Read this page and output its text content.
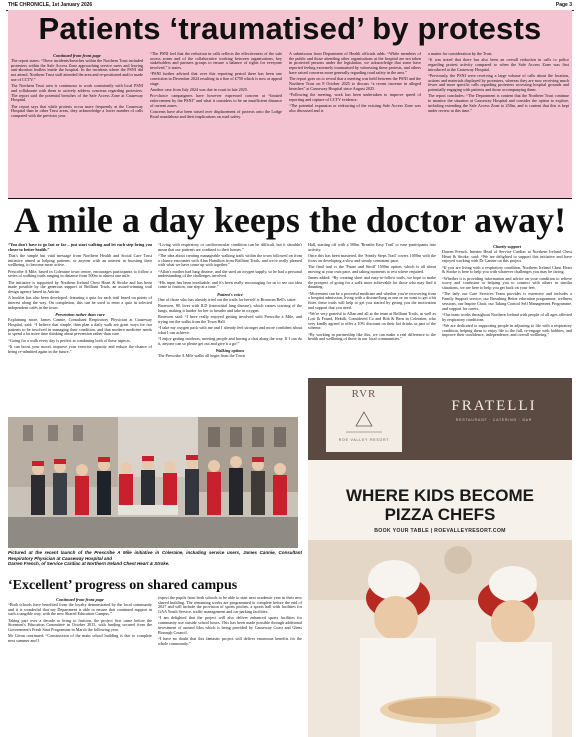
THE CHRONICLE, 1st January 2026	Page 3
Patients ‘traumatised’ by protests
Continued from front page

The report states: “These incidents/breaches within the Northern Trust included protesters within the Safe Access Zone approaching service users and leaving anti-abortion leaflets inside the hospital. In the incidents where the PSNI did not attend, Northern Trust staff attended the area and re-positioned and/or made use of CCTV.”

The Northern Trust area is continuous to work consistently with local PSNI and collaborate with them to actively address concerns regarding protesters. The report said the potential breaches of the Safe Access Zone at Causeway Hospital.

The report says that while protests occur more frequently at the Causeway Hospital than in other Trust areas, they acknowledge a lower number of calls compared with the previous year.

“The PSNI feel that the reduction in calls reflects the effectiveness of the safe access zones and of the collaborative working between organisations, key stakeholders and partners groups to ensure a balance of rights for everyone involved,” it states.

“PSNI further advised that over this reporting period there has been one conviction in December 2024 resulting in a fine of £750 which is now at appeal stage.

Another case from July 2024 was due in court in late 2025.

Pro-choice campaigners have however expressed concern at “limited enforcement by the PSNI” and what it considers to be an insufficient distance of current zones.

Concerns have also been raised over displacement of protests onto the Lodge Road roundabout and their implications on road safety.

A submission from Department of Health officials adds: “While members of the public and those attending other organisations at the hospital are not taken in protected persons under the legislation, we acknowledge that some have reported feeling extremely traumatised by witnessing these protests, and others have raised concerns more generally regarding road safety in the area.”

The report goes on to reveal that a meeting was held between the PSNI and the Northern Trust on 8 October 2025 to discuss “a recent increase in alleged breaches” at Causeway Hospital since August 2025.

“Following the meeting, work has been undertaken to improve speed of reporting and capture of CCTV evidence.

“The potential expansion or redrawing of the existing Safe Access Zone was also discussed and is

a matter for consideration by the Trust.

“It was noted that there has also been an overall reduction in calls to police regarding protest activity compared to when the Safe Access Zone was first introduced at the Causeway Hospital.

“Previously, the PSNI were receiving a large volume of calls about the location, actions and materials displayed by protesters, whereas they are now receiving much fewer and more specific calls regarding protesters accessing hospital grounds and potentially engaging with patients and those accompanying them.

The report concludes: “The Department is content that the Northern Trust continue to monitor the situation at Causeway Hospital and consider the option to explore, including extending the Safe Access Zone to 250m, and is content that this is kept under review at this time.”

A mile a day keeps the doctor away!

“You don't have to go fast or far – just start walking and let each step bring you closer to better health.”

That's the simple but vital message from Northern Health and Social Care Trust initiative aimed at helping patients, or anyone with an interest in boosting their wellbeing, to become more active.

Prescribe A Mile, based in Coleraine town centre, encourages participants to follow a series of walking trails ranging in distance from 500m to almost one mile.

The initiative is supported by Northern Ireland Chest Heart & Stroke and has been made possible by the generous support of Brilliant Trails, an award-winning trail design agency based in Antrim.

A booklet has also been developed, featuring a quiz for each trail based on points of interest along the way. On completion, this can be used to enter a quiz in selected independent cafés in the town.

Prevention rather than cure

Explaining more, James Cannie, Consultant Respiratory Physician at Causeway Hospital, said: “I believe that simple, than plan a daily walk are great ways for our patients to be involved in managing their condition, and that modern medicine needs to spend a lot more time thinking about prevention rather than cure.

“Going for a walk every day is perfect at combining both of these aspects.

“It can boost your mood, improve your exercise capacity and reduce the chance of being re-admitted again in the future.”

“Living with respiratory or cardiovascular condition can be difficult, but it shouldn't mean that our patients are confined to their homes.”

“The idea about creating manageable walking trails within the town followed on from a chance encounter with Alan Hamilton from Brilliant Trails, and we're really pleased with what we have come up with together.”

“Allan's mother had lung disease, and she used an oxygen supply, so he had a personal understanding of the challenges involved.

“His input has been invaluable, and it's been really encouraging for us to see our idea come to fruition, one step at a time.”

Patient's voice

One of those who has already tried out the trails for herself is Bronwen Bell's sister.

Bronwen, 80, lives with ILD (interstitial lung disease), which causes scarring of the lungs, making it harder for her to breathe and take in oxygen.

Bronwen said: “I have really enjoyed getting involved with Prescribe a Mile, and trying out the walks from the Town Hall.

“I take my oxygen pack with me and I already feel stronger and more confident about what I can achieve.

“I enjoy getting outdoors, meeting people and having a chat along the way. If I can do it, anyone can so please get out and give it a go!”

Walking options

The Prescribe A Mile walks all begin from the Town

Hall, starting off with a 500m 'Breathe Easy Trail' to ease participants into activity.

Once this has been mastered, the 'Steady Steps Trail' covers 1000m with the focus on developing a slow and steady consistent pace.

The final trail is the 'Pause and Stroll' 1500m option, which is all about moving at your own pace, and taking moments to rest where required.

James added: “By creating short and easy-to-follow trails, we hope to make the prospect of going for a walk more achievable for those who may find it daunting.

“Movement can be a powerful medicine and whether you're recovering from a hospital admission, living with a disease/lung or one or on want to get a bit fitter, these trails will help to get you started by giving you the motivation and support that you need.

“We're very grateful to Allan and all at the team at Brilliant Trails, as well as Lost & Found, Hektik, Considered Co and Bob & Bern in Coleraine, who very kindly agreed to offer a 10% discount on their hot drinks as part of the scheme.

“By working in partnership like this, we can make a real difference to the health and wellbeing of those in our local communities.”

Charity support

Darren French, Interim Head of Service Cardiac at Northern Ireland Chest Heart & Stroke, said: “We are delighted to support this initiative and have enjoyed working with Dr Cannie on this project.

“If you are living with a respiratory condition, Northern Ireland Chest Heart & Stroke is here to help you with whatever challenges you may be facing.

“Whether it is providing information and advice on your condition to relieve worry and confusion or helping you to connect with others in similar situations, we are here to help you get back on your feet.

“The lady our Care Services Team provides is extensive and includes a Family Support service, our Breathing Better education programme, wellness sessions, our Inspire Choir, our Taking Control Self Management Programme, and support for carers.

“Our team works throughout Northern Ireland with people of all ages affected by respiratory conditions.

“We are dedicated to supporting people in adjusting to life with a respiratory condition, helping them to enjoy life to the full, re-engage with hobbies, and improve their confidence, independence, and overall wellbeing.”

Pictured at the recent launch of the Prescribe A Mile initiative in Coleraine, including service users, James Cannie, Consultant Respiratory Physician at Causeway Hospital and
Darren French, of Service Cardiac at Northern Ireland Chest Heart & Stroke.
‘Excellent’ progress on shared campus
Continued from front page

“Both schools have benefited from the loyalty demonstrated by the local community and it is wonderful that my Department is able to ensure that continued support in such a tangible way, with the new Shared Education Campus.”

Taking part over a decade to bring to fruition, the project first came before the Stormont's Education Committee in October 2015, with funding secured from the Government's Fresh Start Programme in March the following year.

Mr Givan continued: “Construction of the main school building is due to complete next summer and I

expect the pupils from both schools to be able to start next academic year in their new shared building. The remaining works are programmed to complete before the end of 2027 and will include the provision of sports pitches, a sports hall with facilities for GAA Youth Service, traffic management and car parking facilities.

“I am delighted that the project will also deliver enhanced sports facilities for community use outside school hours. This has been made possible through additional investment of around £4m which is being provided by Causeway Coast and Glens Borough Council.

“I have no doubt that this fantastic project will deliver enormous benefits for the whole community.”

RVR
ROE VALLEY RESORT
FRATELLI
RESTAURANT · CATERING · BAR
WHERE KIDS BECOME
PIZZA CHEFS
BOOK YOUR TABLE | ROEVALLEYRESORT.COM
